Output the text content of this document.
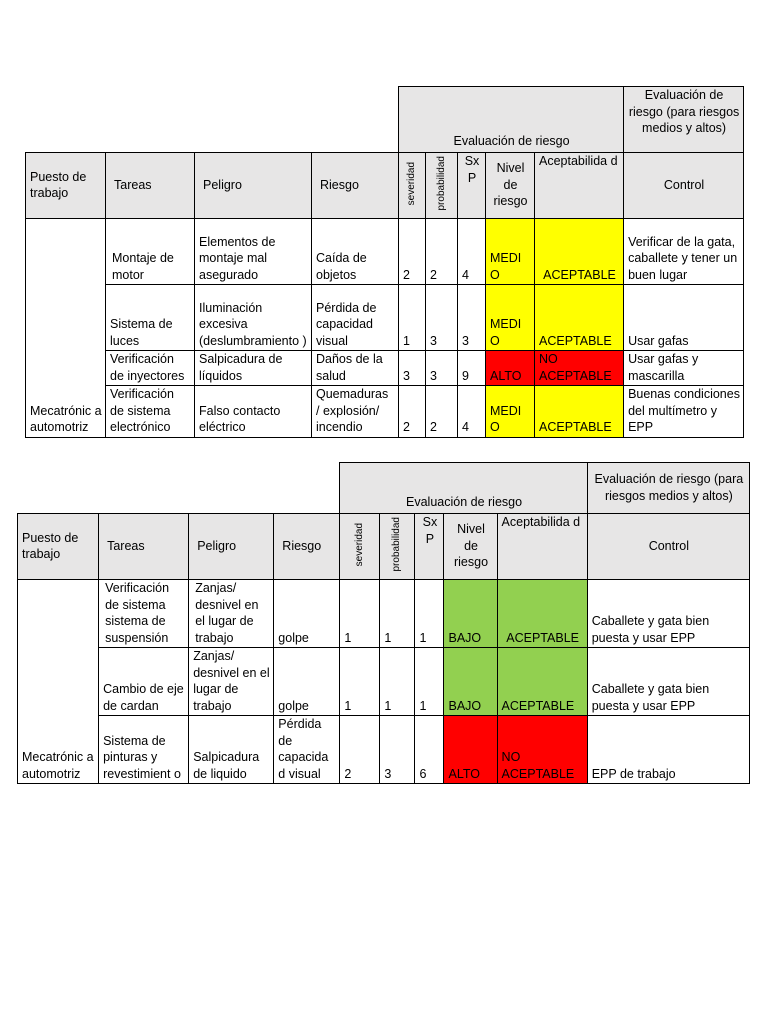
				Evaluación de riesgo					Evaluación de riesgo (para riesgos medios y altos)
Puesto de trabajo	Tareas	Peligro	Riesgo	severidad	probabilidad	Sx P	Nivel de riesgo	Aceptabilida d	Control
Mecatrónic a automotriz	Montaje de motor	Elementos de montaje mal asegurado	Caída de objetos	2	2	4	MEDI O	ACEPTABLE	Verificar de la gata, caballete y tener un buen lugar
	Sistema de luces	Iluminación excesiva (deslumbramiento )	Pérdida de capacidad visual	1	3	3	MEDI O	ACEPTABLE	Usar gafas
	Verificación de inyectores	Salpicadura de líquidos	Daños de la salud	3	3	9	ALTO	NO ACEPTABLE	Usar gafas y mascarilla
	Verificación de sistema electrónico	Falso contacto eléctrico	Quemaduras / explosión/ incendio	2	2	4	MEDI O	ACEPTABLE	Buenas condiciones del multímetro y EPP
				Evaluación de riesgo					Evaluación de riesgo (para riesgos medios y altos)
Puesto de trabajo	Tareas	Peligro	Riesgo	severidad	probabilidad	Sx P	Nivel de riesgo	Aceptabilida d	Control
Mecatrónic a automotriz	Verificación de sistema sistema de suspensión	Zanjas/ desnivel en el lugar de trabajo	golpe	1	1	1	BAJO	ACEPTABLE	Caballete y gata bien puesta y usar EPP
	Cambio de eje de cardan	Zanjas/ desnivel en el lugar de trabajo	golpe	1	1	1	BAJO	ACEPTABLE	Caballete y gata bien puesta y usar EPP
	Sistema de pinturas y revestimient o	Salpicadura de liquido	Pérdida de capacida d visual	2	3	6	ALTO	NO ACEPTABLE	EPP de trabajo
